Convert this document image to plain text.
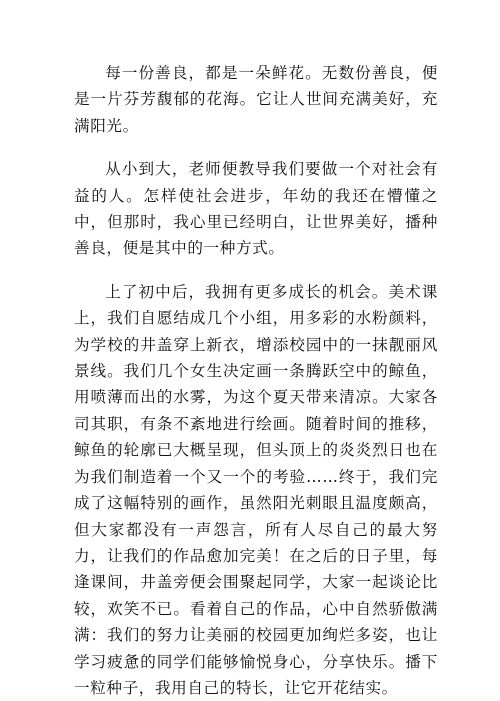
每一份善良，都是一朵鲜花。无数份善良，便是一片芬芳馥郁的花海。它让人世间充满美好，充满阳光。

从小到大，老师便教导我们要做一个对社会有益的人。怎样使社会进步，年幼的我还在懵懂之中，但那时，我心里已经明白，让世界美好，播种善良，便是其中的一种方式。

上了初中后，我拥有更多成长的机会。美术课上，我们自愿结成几个小组，用多彩的水粉颜料，为学校的井盖穿上新衣，增添校园中的一抹靓丽风景线。我们几个女生决定画一条腾跃空中的鲸鱼，用喷薄而出的水雾，为这个夏天带来清凉。大家各司其职，有条不紊地进行绘画。随着时间的推移，鲸鱼的轮廓已大概呈现，但头顶上的炎炎烈日也在为我们制造着一个又一个的考验……终于，我们完成了这幅特别的画作，虽然阳光刺眼且温度颇高，但大家都没有一声怨言，所有人尽自己的最大努力，让我们的作品愈加完美！在之后的日子里，每逢课间，井盖旁便会围聚起同学，大家一起谈论比较，欢笑不已。看着自己的作品，心中自然骄傲满满：我们的努力让美丽的校园更加绚烂多姿，也让学习疲惫的同学们能够愉悦身心，分享快乐。播下一粒种子，我用自己的特长，让它开花结实。
